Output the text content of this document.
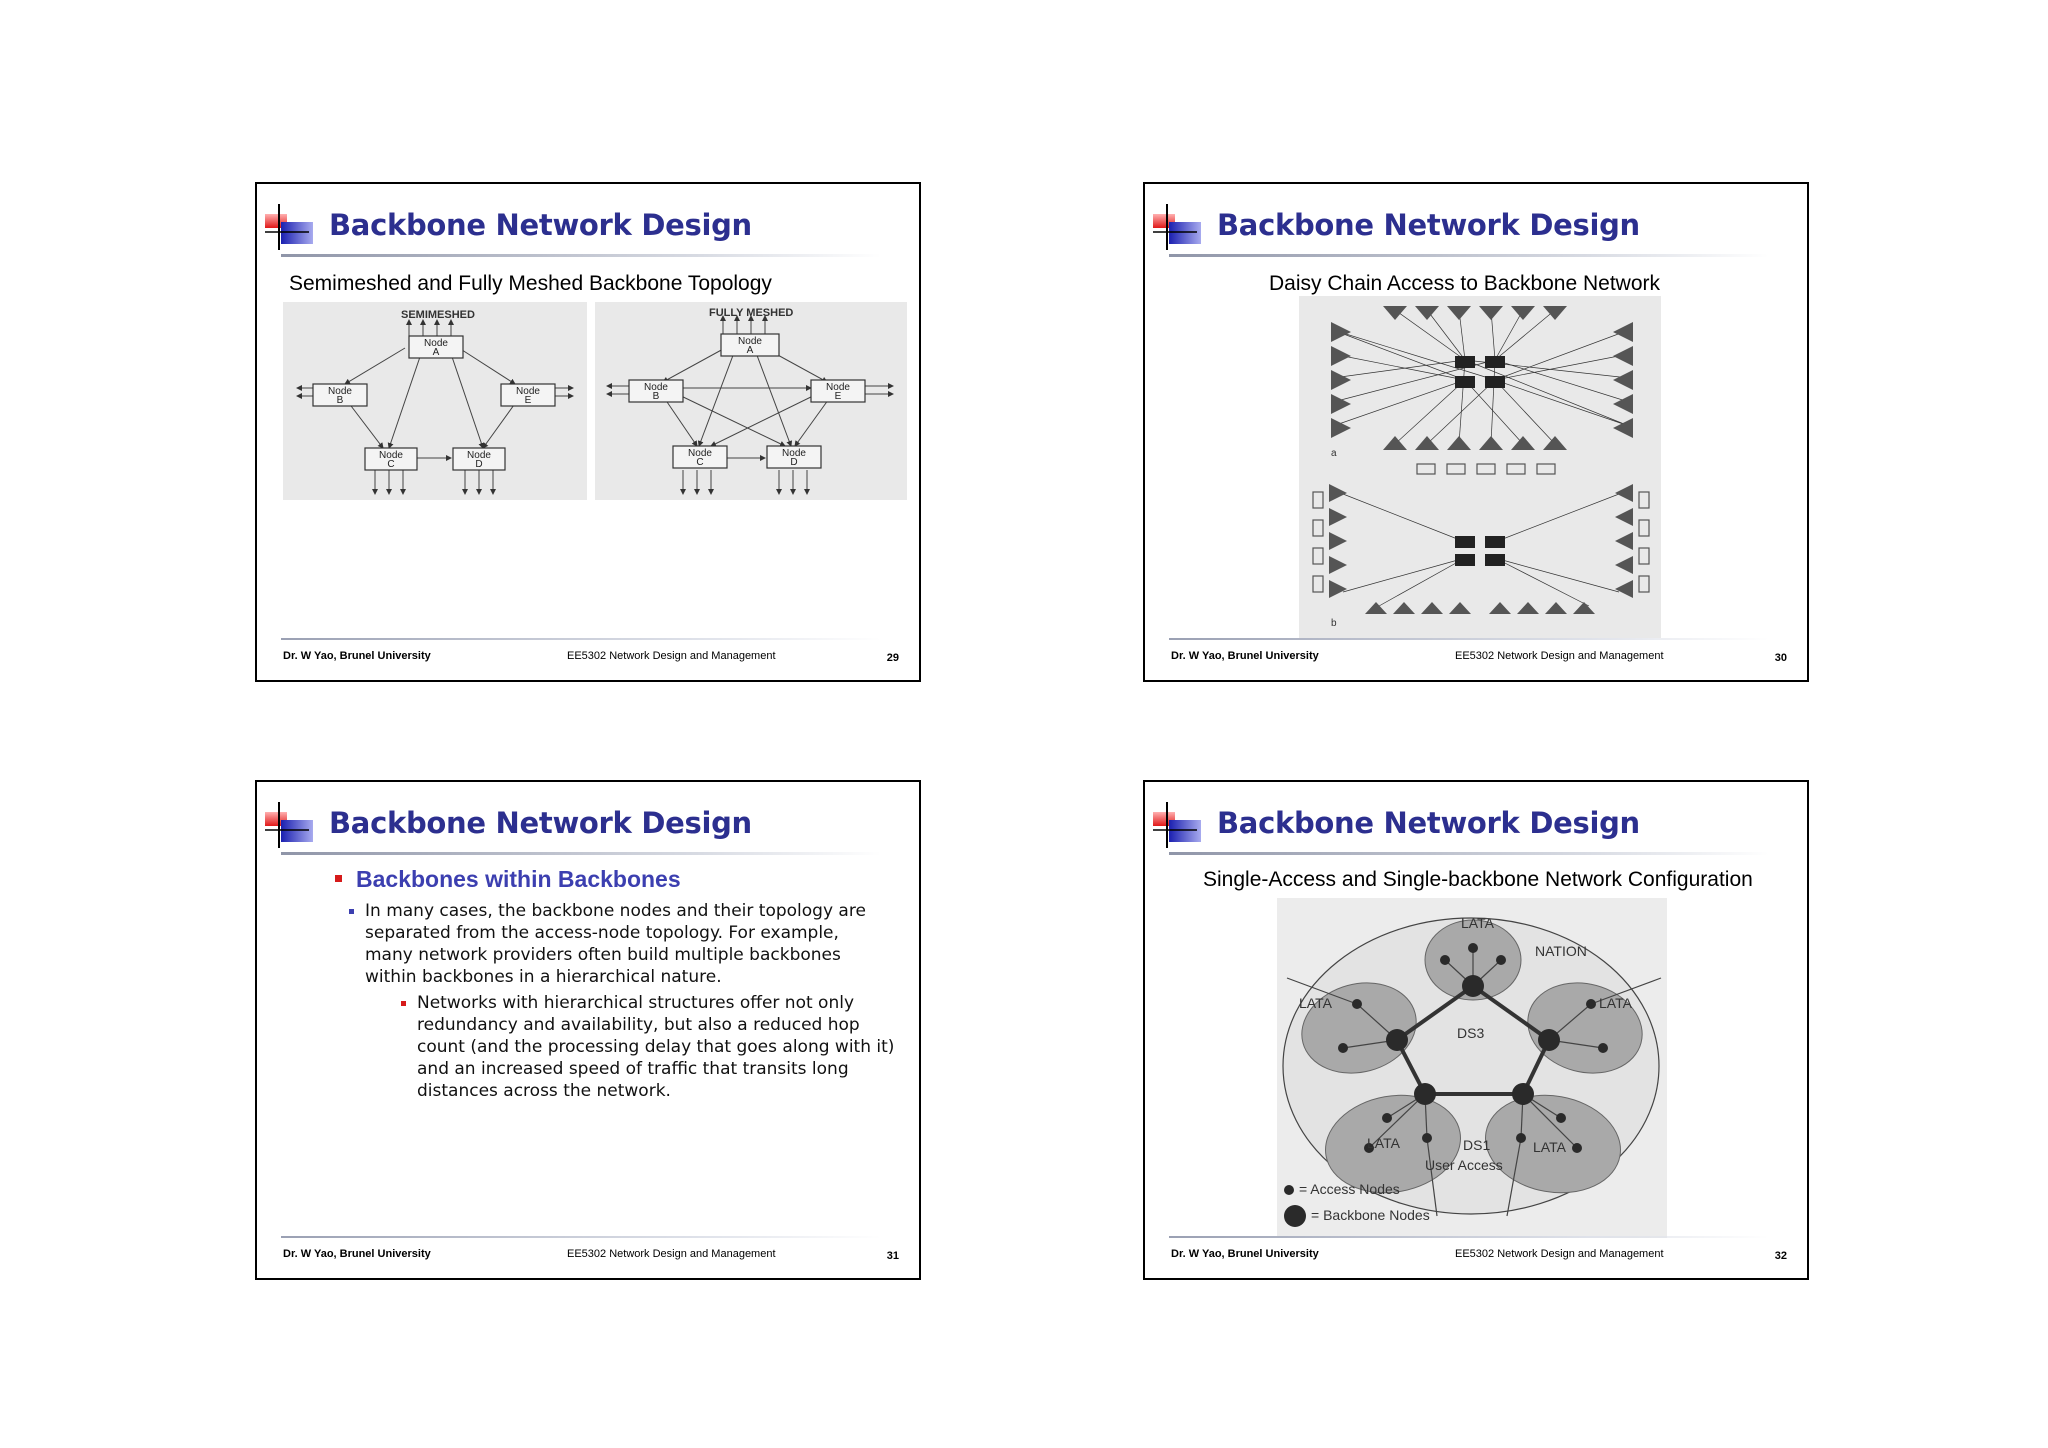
Backbone Network Design
Semimeshed and Fully Meshed Backbone Topology
SEMIMESHED
Node
A
Node
B
Node
E
Node
C
Node
D
FULLY MESHED
Node
A
Node
B
Node
E
Node
C
Node
D
Dr. W Yao, Brunel University	EE5302 Network Design and Management	29
Backbone Network Design
Daisy Chain Access to Backbone Network
a
b
Dr. W Yao, Brunel University	EE5302 Network Design and Management	30
Backbone Network Design
Backbones within Backbones
In many cases, the backbone nodes and their topology are separated from the access-node topology. For example, many network providers often build multiple backbones within backbones in a hierarchical nature.
Networks with hierarchical structures offer not only redundancy and availability, but also a reduced hop count (and the processing delay that goes along with it) and an increased speed of traffic that transits long distances across the network.
Dr. W Yao, Brunel University	EE5302 Network Design and Management	31
Backbone Network Design
Single-Access and Single-backbone Network Configuration
LATA
NATION
LATA	LATA
DS3
LATA	LATA
DS1
User Access
= Access Nodes
= Backbone Nodes
Dr. W Yao, Brunel University	EE5302 Network Design and Management	32
